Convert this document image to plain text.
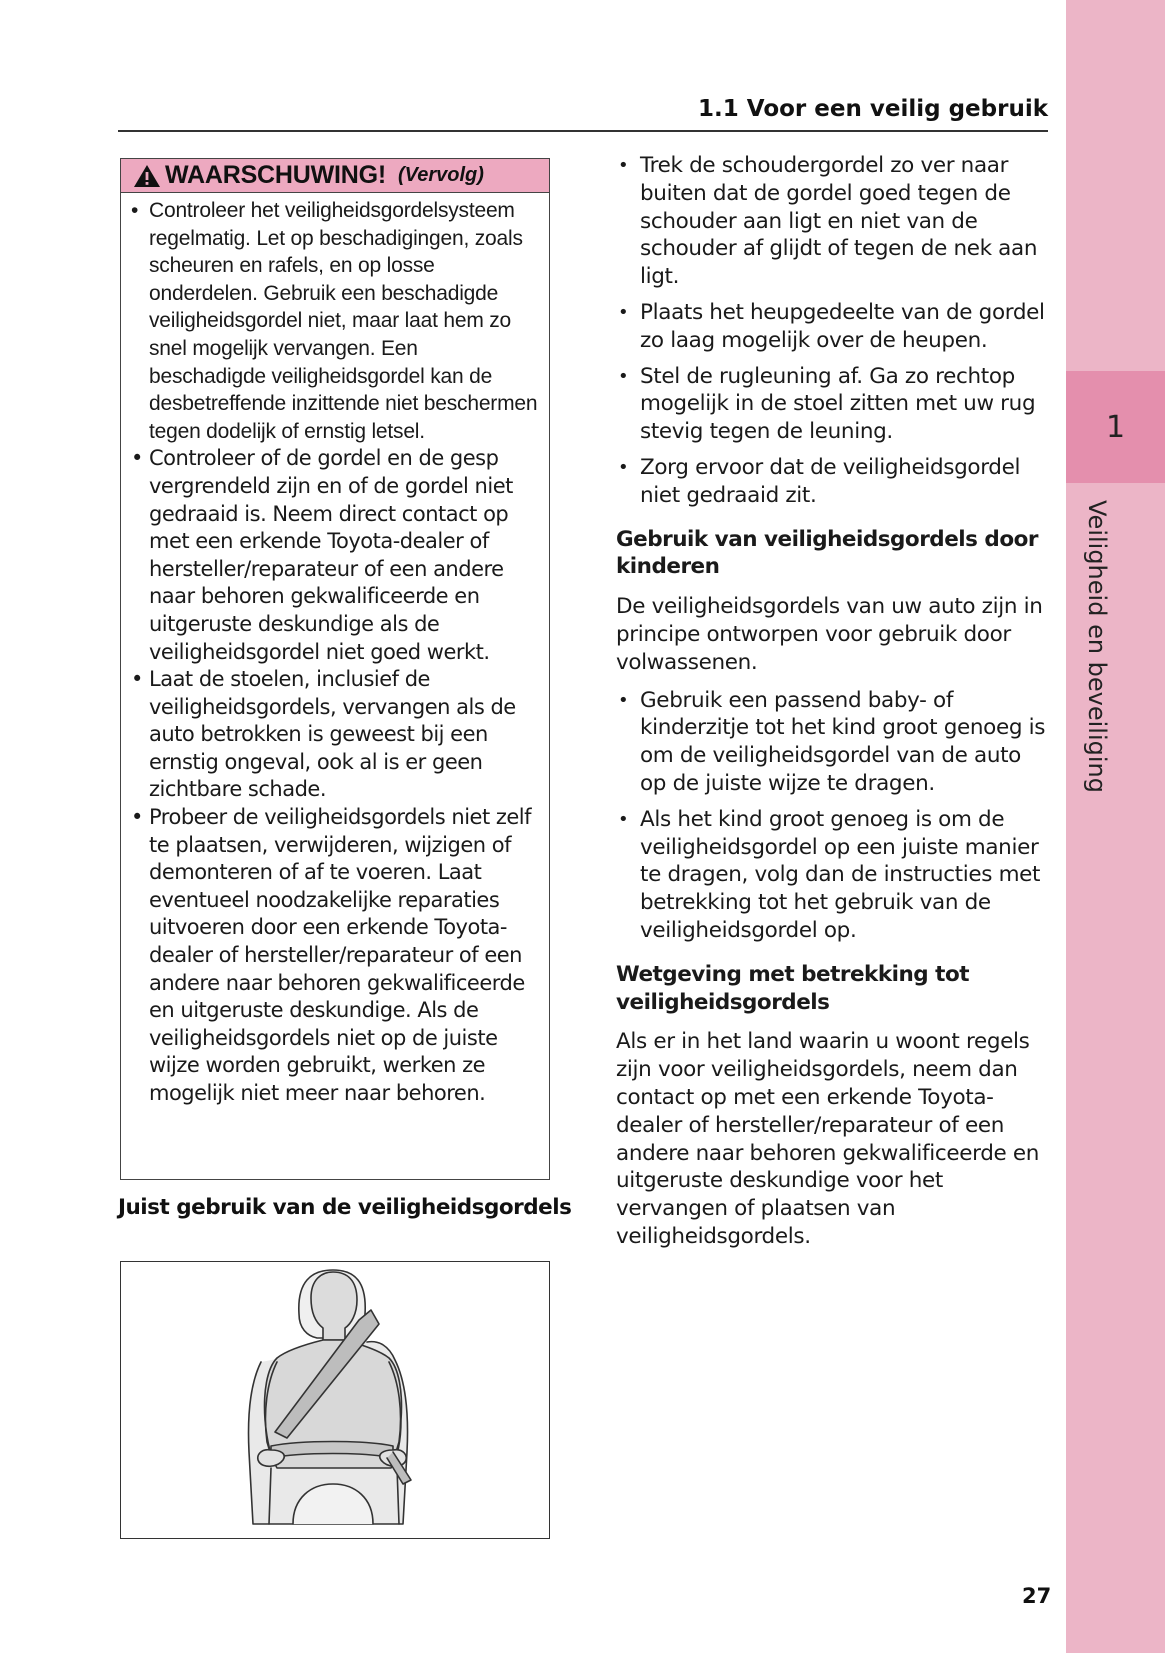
1
Veiligheid en beveiliging
1.1 Voor een veilig gebruik
WAARSCHUWING! (Vervolg)
• Controleer het veiligheidsgordelsysteem regelmatig. Let op beschadigingen, zoals scheuren en rafels, en op losse onderdelen. Gebruik een beschadigde veiligheidsgordel niet, maar laat hem zo snel mogelijk vervangen. Een beschadigde veiligheidsgordel kan de desbetreffende inzittende niet beschermen tegen dodelijk of ernstig letsel.
• Controleer of de gordel en de gesp vergrendeld zijn en of de gordel niet gedraaid is. Neem direct contact op met een erkende Toyota-dealer of hersteller/reparateur of een andere naar behoren gekwalificeerde en uitgeruste deskundige als de veiligheidsgordel niet goed werkt.
• Laat de stoelen, inclusief de veiligheidsgordels, vervangen als de auto betrokken is geweest bij een ernstig ongeval, ook al is er geen zichtbare schade.
• Probeer de veiligheidsgordels niet zelf te plaatsen, verwijderen, wijzigen of demonteren of af te voeren. Laat eventueel noodzakelijke reparaties uitvoeren door een erkende Toyota-dealer of hersteller/reparateur of een andere naar behoren gekwalificeerde en uitgeruste deskundige. Als de veiligheidsgordels niet op de juiste wijze worden gebruikt, werken ze mogelijk niet meer naar behoren.
Juist gebruik van de veiligheidsgordels
• Trek de schoudergordel zo ver naar buiten dat de gordel goed tegen de schouder aan ligt en niet van de schouder af glijdt of tegen de nek aan ligt.
• Plaats het heupgedeelte van de gordel zo laag mogelijk over de heupen.
• Stel de rugleuning af. Ga zo rechtop mogelijk in de stoel zitten met uw rug stevig tegen de leuning.
• Zorg ervoor dat de veiligheidsgordel niet gedraaid zit.
Gebruik van veiligheidsgordels door kinderen

De veiligheidsgordels van uw auto zijn in principe ontworpen voor gebruik door volwassenen.

• Gebruik een passend baby- of kinderzitje tot het kind groot genoeg is om de veiligheidsgordel van de auto op de juiste wijze te dragen.
• Als het kind groot genoeg is om de veiligheidsgordel op een juiste manier te dragen, volg dan de instructies met betrekking tot het gebruik van de veiligheidsgordel op.
Wetgeving met betrekking tot veiligheidsgordels

Als er in het land waarin u woont regels zijn voor veiligheidsgordels, neem dan contact op met een erkende Toyota-dealer of hersteller/reparateur of een andere naar behoren gekwalificeerde en uitgeruste deskundige voor het vervangen of plaatsen van veiligheidsgordels.

27
